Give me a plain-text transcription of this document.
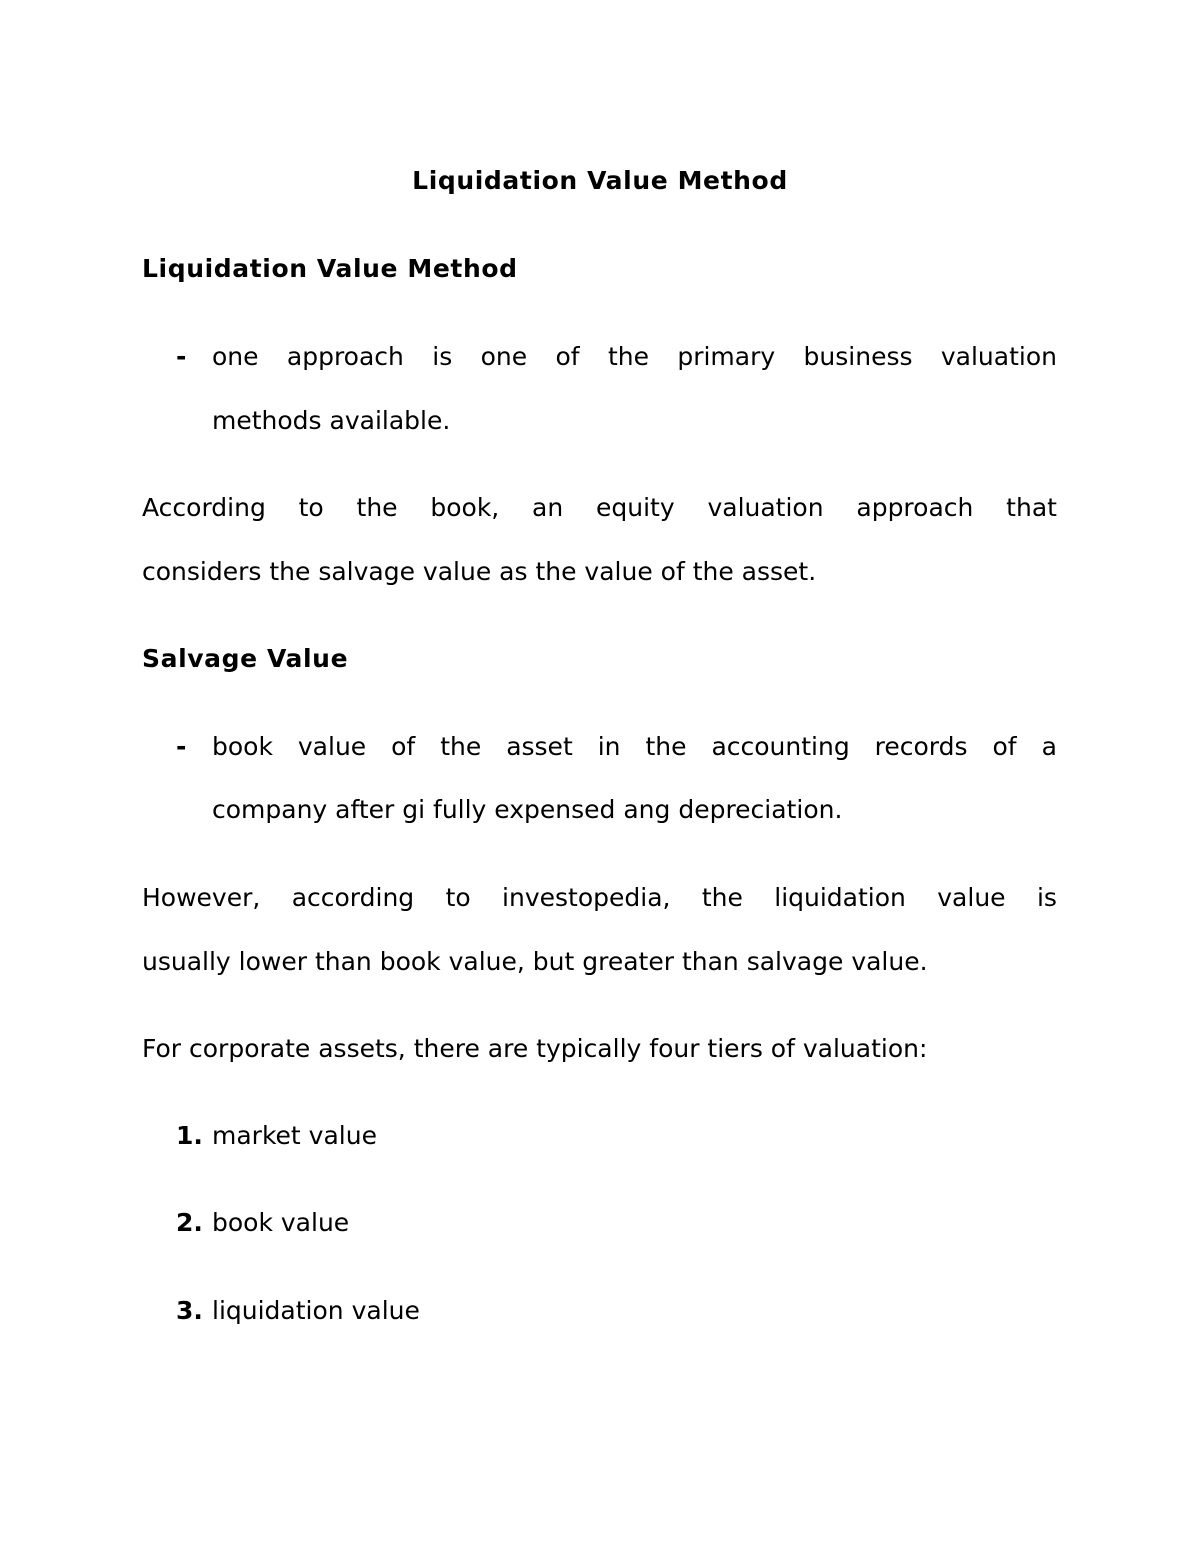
Liquidation Value Method
Liquidation Value Method
- one approach is one of the primary business valuation
methods available.
According to the book, an equity valuation approach that
considers the salvage value as the value of the asset.
Salvage Value
- book value of the asset in the accounting records of a
company after gi fully expensed ang depreciation.
However, according to investopedia, the liquidation value is
usually lower than book value, but greater than salvage value.
For corporate assets, there are typically four tiers of valuation:
1. market value
2. book value
3. liquidation value
